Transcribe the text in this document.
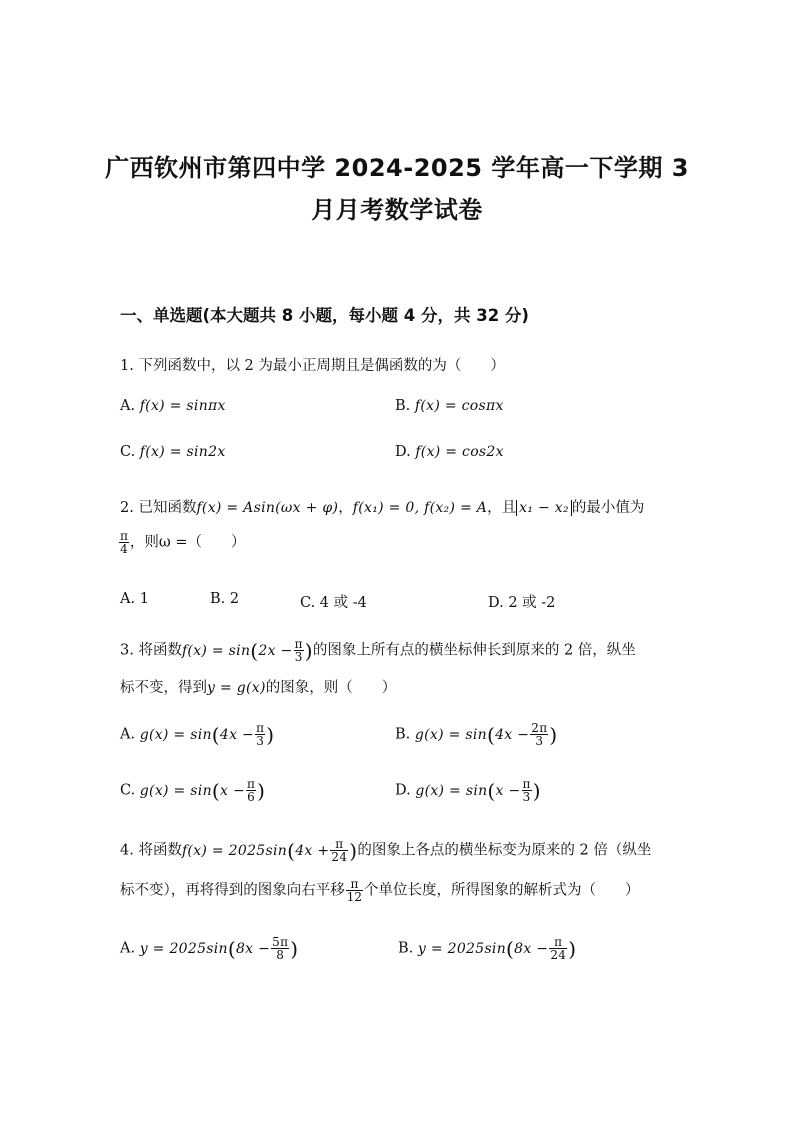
广西钦州市第四中学 2024-2025 学年高一下学期 3
月月考数学试卷
一、单选题(本大题共 8 小题，每小题 4 分，共 32 分)
1. 下列函数中，以 2 为最小正周期且是偶函数的为（　　）
A. f(x) = sinπx	B. f(x) = cosπx
C. f(x) = sin2x	D. f(x) = cos2x
2. 已知函数f(x) = Asin(ωx + φ)，f(x₁) = 0, f(x₂) = A，且 x₁ − x₂ 的最小值为
$\frac{\pi}{4}$ ，则ω =（　　）
A. 1	B. 2	C. 4 或 -4	D. 2 或 -2
3. 将函数$f(x) = \sin(2x - \frac{\pi}{3}$ )的图象上所有点的横坐标伸长到原来的 2 倍，纵坐
标不变，得到y = g(x)的图象，则（　　）
A. $g(x) = \sin(4x - \frac{\pi}{3}$ )	B. $g(x) = \sin(4x - \frac{2\pi}{3}$ )
C. $g(x) = \sin(x - \frac{\pi}{6}$ )	D. $g(x) = \sin(x - \frac{\pi}{3}$ )
4. 将函数$f(x) = 2025\sin(4x + \frac{\pi}{24}$ )的图象上各点的横坐标变为原来的 2 倍（纵坐
标不变），再将得到的图象向右平移 $\frac{\pi}{12}$ 个单位长度，所得图象的解析式为（　　）
A. $y = 2025\sin(8x - \frac{5\pi}{8}$ )	B. $y = 2025\sin(8x - \frac{\pi}{24}$ )
